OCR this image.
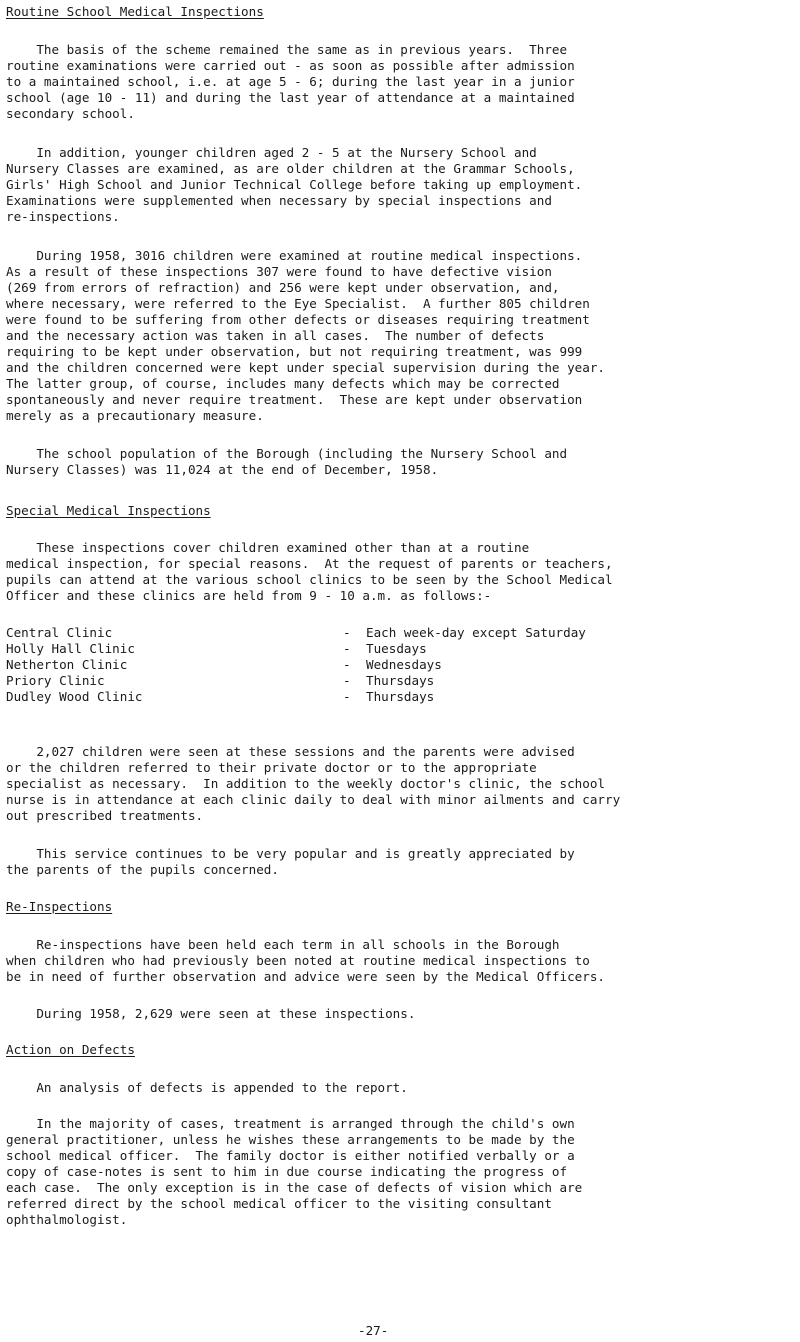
Routine School Medical Inspections
The basis of the scheme remained the same as in previous years.  Three
routine examinations were carried out - as soon as possible after admission
to a maintained school, i.e. at age 5 - 6; during the last year in a junior
school (age 10 - 11) and during the last year of attendance at a maintained
secondary school.
In addition, younger children aged 2 - 5 at the Nursery School and
Nursery Classes are examined, as are older children at the Grammar Schools,
Girls' High School and Junior Technical College before taking up employment.
Examinations were supplemented when necessary by special inspections and
re-inspections.
During 1958, 3016 children were examined at routine medical inspections.
As a result of these inspections 307 were found to have defective vision
(269 from errors of refraction) and 256 were kept under observation, and,
where necessary, were referred to the Eye Specialist.  A further 805 children
were found to be suffering from other defects or diseases requiring treatment
and the necessary action was taken in all cases.  The number of defects
requiring to be kept under observation, but not requiring treatment, was 999
and the children concerned were kept under special supervision during the year.
The latter group, of course, includes many defects which may be corrected
spontaneously and never require treatment.  These are kept under observation
merely as a precautionary measure.
The school population of the Borough (including the Nursery School and
Nursery Classes) was 11,024 at the end of December, 1958.
Special Medical Inspections
These inspections cover children examined other than at a routine
medical inspection, for special reasons.  At the request of parents or teachers,
pupils can attend at the various school clinics to be seen by the School Medical
Officer and these clinics are held from 9 - 10 a.m. as follows:-
Central Clinic	-	Each week-day except Saturday
Holly Hall Clinic	-	Tuesdays
Netherton Clinic	-	Wednesdays
Priory Clinic	-	Thursdays
Dudley Wood Clinic	-	Thursdays
2,027 children were seen at these sessions and the parents were advised
or the children referred to their private doctor or to the appropriate
specialist as necessary.  In addition to the weekly doctor's clinic, the school
nurse is in attendance at each clinic daily to deal with minor ailments and carry
out prescribed treatments.
This service continues to be very popular and is greatly appreciated by
the parents of the pupils concerned.
Re-Inspections
Re-inspections have been held each term in all schools in the Borough
when children who had previously been noted at routine medical inspections to
be in need of further observation and advice were seen by the Medical Officers.
During 1958, 2,629 were seen at these inspections.
Action on Defects
An analysis of defects is appended to the report.
In the majority of cases, treatment is arranged through the child's own
general practitioner, unless he wishes these arrangements to be made by the
school medical officer.  The family doctor is either notified verbally or a
copy of case-notes is sent to him in due course indicating the progress of
each case.  The only exception is in the case of defects of vision which are
referred direct by the school medical officer to the visiting consultant
ophthalmologist.
-27-
